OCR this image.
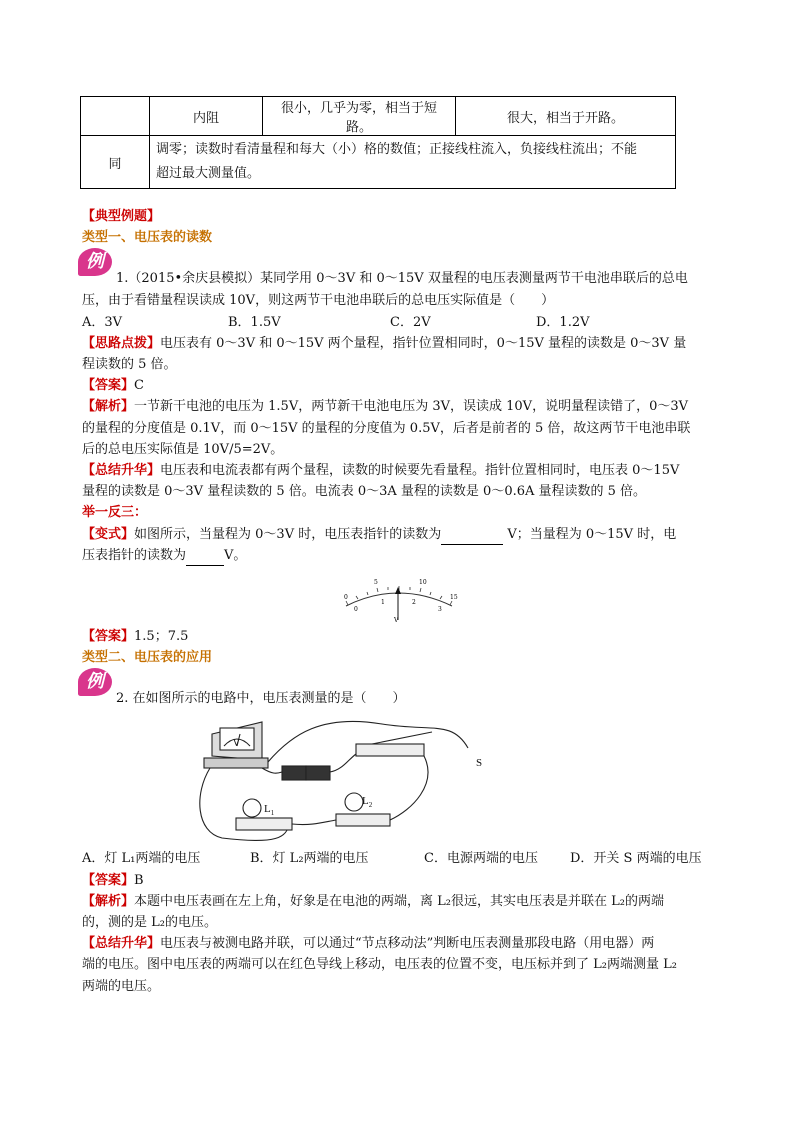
	内阻	很小，几乎为零，相当于短路。	很大，相当于开路。
同	调零；读数时看清量程和每大（小）格的数值；正接线柱流入，负接线柱流出；不能
超过最大测量值。		
【典型例题】
类型一、电压表的读数
例
1.（2015•余庆县模拟）某同学用 0～3V 和 0～15V 双量程的电压表测量两节干电池串联后的总电
压，由于看错量程误读成 10V，则这两节干电池串联后的总电压实际值是（　　）
A．3V	B．1.5V	C．2V	D．1.2V
【思路点拨】电压表有 0～3V 和 0～15V 两个量程，指针位置相同时，0～15V 量程的读数是 0～3V 量
程读数的 5 倍。
【答案】C
【解析】一节新干电池的电压为 1.5V，两节新干电池电压为 3V，误读成 10V，说明量程读错了，0～3V
的量程的分度值是 0.1V，而 0～15V 的量程的分度值为 0.5V，后者是前者的 5 倍，故这两节干电池串联
后的总电压实际值是 10V/5=2V。
【总结升华】电压表和电流表都有两个量程，读数的时候要先看量程。指针位置相同时，电压表 0～15V
量程的读数是 0～3V 量程读数的 5 倍。电流表 0～3A 量程的读数是 0～0.6A 量程读数的 5 倍。
举一反三：
【变式】如图所示，当量程为 0～3V 时，电压表指针的读数为	V；当量程为 0～15V 时，电
压表指针的读数为	V。
0
5	10
15
0
1	2
3
V
【答案】1.5；7.5
类型二、电压表的应用
例
2. 在如图所示的电路中，电压表测量的是（　　）
S
$L_1$
$L_2$
V
A．灯 L₁两端的电压	B．灯 L₂两端的电压	C．电源两端的电压	D．开关 S 两端的电压
【答案】B
【解析】本题中电压表画在左上角，好象是在电池的两端，离 L₂很远，其实电压表是并联在 L₂的两端
的，测的是 L₂的电压。
【总结升华】电压表与被测电路并联，可以通过“节点移动法”判断电压表测量那段电路（用电器）两
端的电压。图中电压表的两端可以在红色导线上移动，电压表的位置不变，电压标并到了 L₂两端测量 L₂
两端的电压。
